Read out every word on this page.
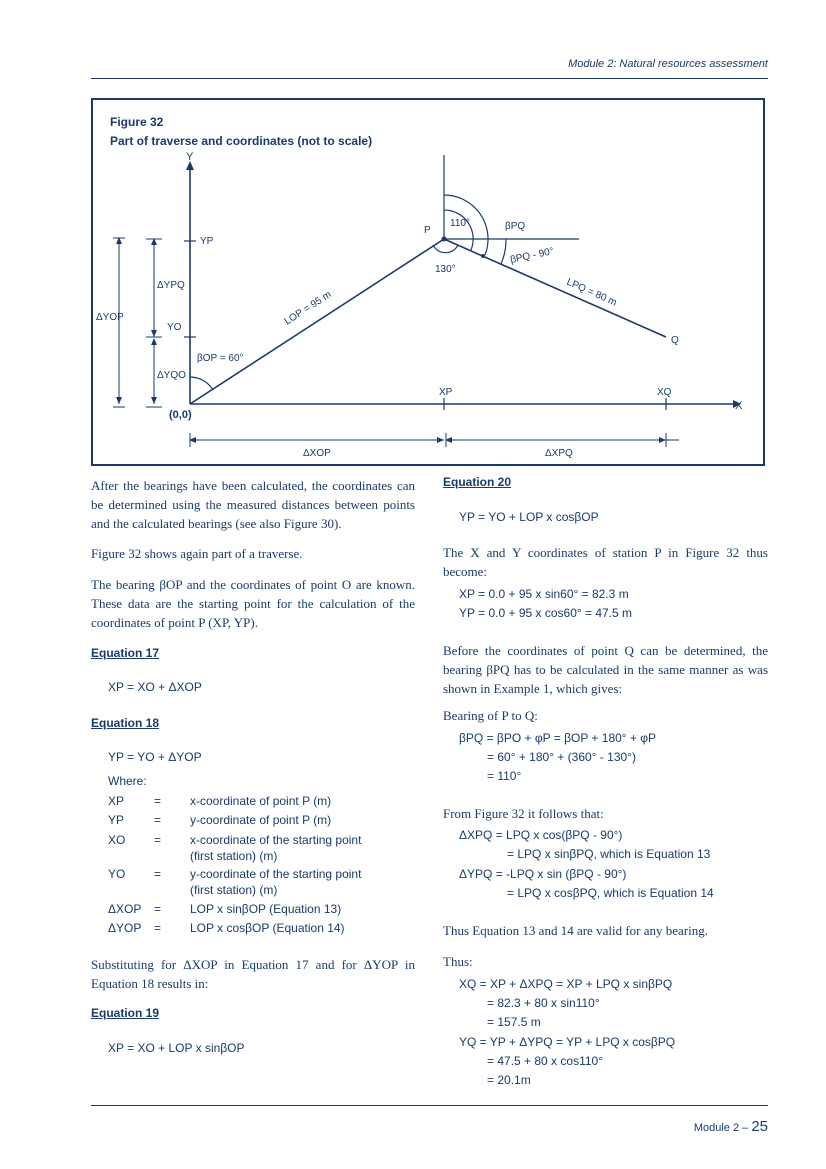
Module 2: Natural resources assessment
Figure 32
Part of traverse and coordinates (not to scale)
Y
X
(0,0)
P
Q
110°
130°
βPQ
βPQ - 90°
βOP = 60°
LOP = 95 m	LPQ = 80 m
YP
YO
XP	XQ
ΔYOP
ΔYPQ
ΔYQO
ΔXOP	ΔXPQ
After the bearings have been calculated, the coordinates can be determined using the measured distances between points and the calculated bearings (see also Figure 30).
Figure 32 shows again part of a traverse.
The bearing βOP and the coordinates of point O are known. These data are the starting point for the calculation of the coordinates of point P (XP, YP).
Equation 17
XP = XO + ΔXOP
Equation 18
YP = YO + ΔYOP
Where:
XP = x-coordinate of point P (m)
YP = y-coordinate of point P (m)
XO = x-coordinate of the starting point
(first station) (m)
YO = y-coordinate of the starting point
(first station) (m)
ΔXOP = LOP x sinβOP (Equation 13)
ΔYOP = LOP x cosβOP (Equation 14)
Substituting for ΔXOP in Equation 17 and for ΔYOP in Equation 18 results in:
Equation 19
XP = XO + LOP x sinβOP
Equation 20
YP = YO + LOP x cosβOP
The X and Y coordinates of station P in Figure 32 thus become:
XP = 0.0 + 95 x sin60° = 82.3 m
YP = 0.0 + 95 x cos60° = 47.5 m
Before the coordinates of point Q can be determined, the bearing βPQ has to be calculated in the same manner as was shown in Example 1, which gives:
Bearing of P to Q:
βPQ = βPO + φP = βOP + 180° + φP
= 60° + 180° + (360° - 130°)
= 110°
From Figure 32 it follows that:
ΔXPQ = LPQ x cos(βPQ - 90°)
= LPQ x sinβPQ, which is Equation 13
ΔYPQ = -LPQ x sin (βPQ - 90°)
= LPQ x cosβPQ, which is Equation 14
Thus Equation 13 and 14 are valid for any bearing.
Thus:
XQ = XP + ΔXPQ = XP + LPQ x sinβPQ
= 82.3 + 80 x sin110°
= 157.5 m
YQ = YP + ΔYPQ = YP + LPQ x cosβPQ
= 47.5 + 80 x cos110°
= 20.1m
Module 2 – 25
